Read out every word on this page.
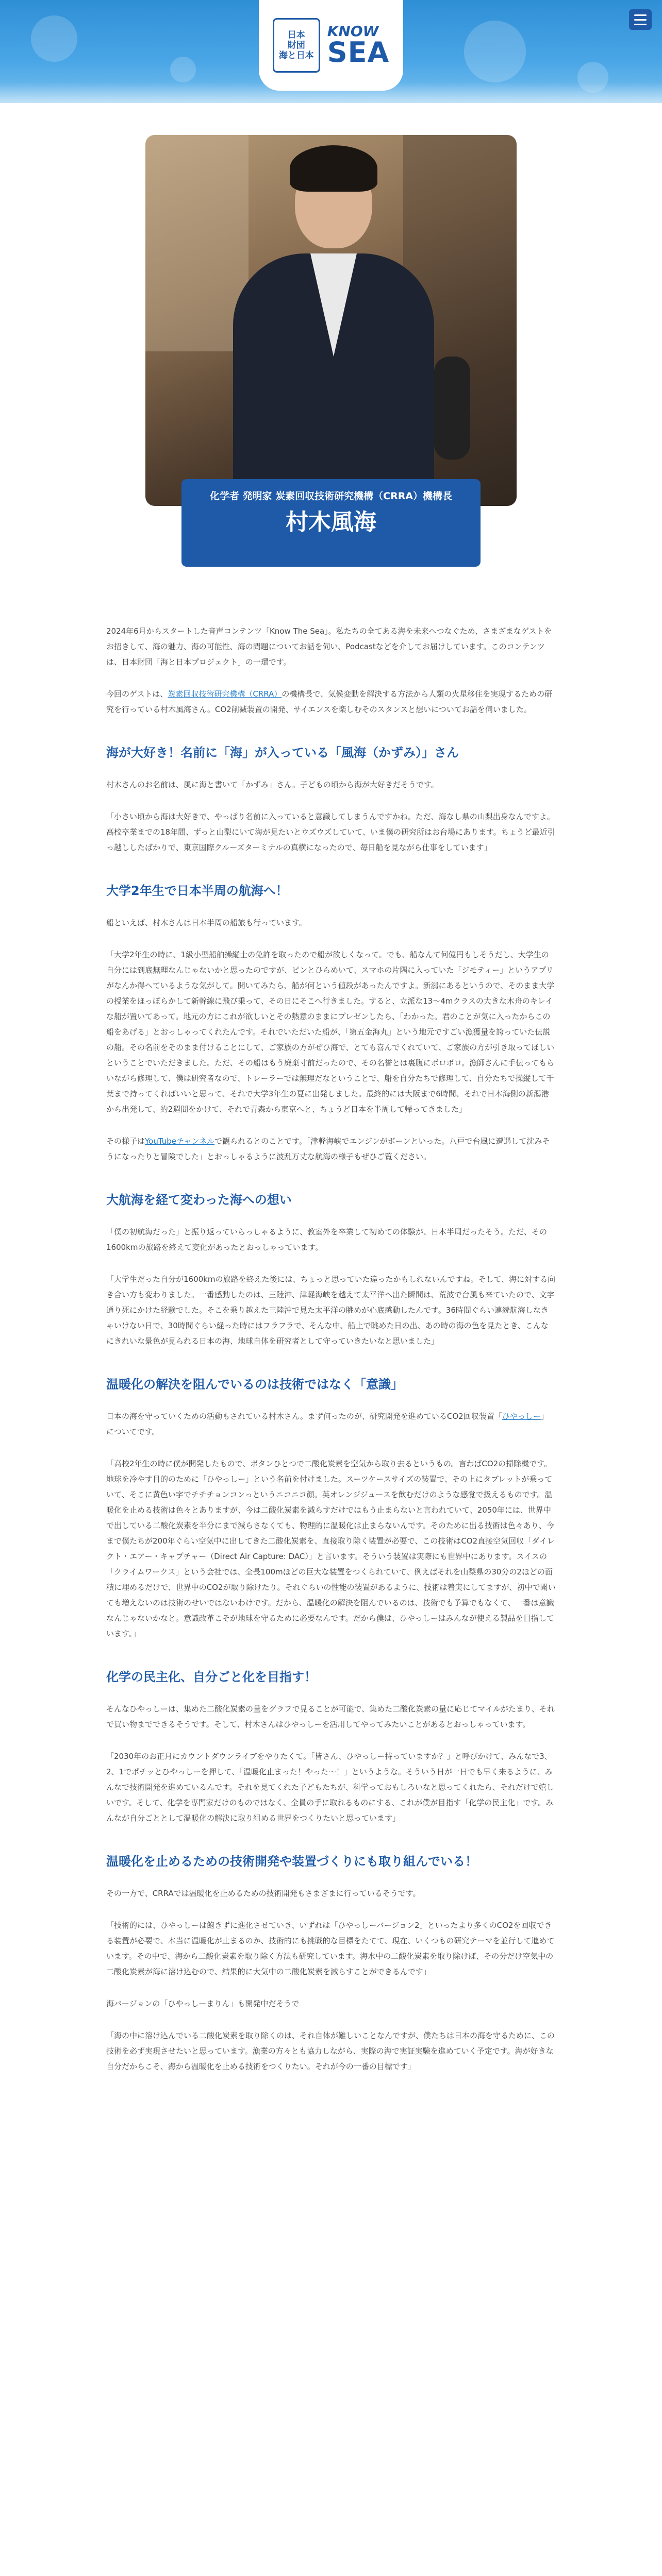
日本
財団
海と日本
KNOW
SEA
化学者 発明家 炭素回収技術研究機構（CRRA）機構長
村木風海

2024年6月からスタートした音声コンテンツ「Know The Sea」。私たちの全てある海を未来へつなぐため、さまざまなゲストをお招きして、海の魅力、海の可能性、海の問題についてお話を伺い、Podcastなどを介してお届けしています。このコンテンツは、日本財団「海と日本プロジェクト」の一環です。

今回のゲストは、炭素回収技術研究機構（CRRA）の機構長で、気候変動を解決する方法から人類の火星移住を実現するための研究を行っている村木風海さん。CO2削減装置の開発、サイエンスを楽しむそのスタンスと想いについてお話を伺いました。

海が大好き！名前に「海」が入っている「風海（かずみ）」さん

村木さんのお名前は、風に海と書いて「かずみ」さん。子どもの頃から海が大好きだそうです。

「小さい頃から海は大好きで、やっぱり名前に入っていると意識してしまうんですかね。ただ、海なし県の山梨出身なんですよ。高校卒業までの18年間、ずっと山梨にいて海が見たいとウズウズしていて、いま僕の研究所はお台場にあります。ちょうど最近引っ越ししたばかりで、東京国際クルーズターミナルの真横になったので、毎日船を見ながら仕事をしています」

大学2年生で日本半周の航海へ！

船といえば、村木さんは日本半周の船旅も行っています。

「大学2年生の時に、1級小型船舶操縦士の免許を取ったので船が欲しくなって。でも、船なんて何億円もしそうだし、大学生の自分には到底無理なんじゃないかと思ったのですが、ピンとひらめいて、スマホの片隅に入っていた「ジモティー」というアプリがなんか得へているような気がして。開いてみたら、船が何という値段があったんですよ。新潟にあるというので、そのまま大学の授業をほっぽらかして新幹線に飛び乗って、その日にそこへ行きました。すると、立派な13〜4mクラスの大きな木舟のキレイな船が置いてあって。地元の方にこれが欲しいとその熱意のままにプレゼンしたら、「わかった。君のことが気に入ったからこの船をあげる」とおっしゃってくれたんです。それでいただいた船が、「第五金海丸」という地元ですごい漁獲量を誇っていた伝説の船。その名前をそのまま付けることにして、ご家族の方がぜひ海で、とても喜んでくれていて、ご家族の方が引き取ってほしいということでいただきました。ただ、その船はもう廃棄寸前だったので、その名誉とは裏腹にボロボロ。漁師さんに手伝ってもらいながら修理して、僕は研究者なので、トレーラーでは無理だなということで、船を自分たちで修理して、自分たちで操縦して千葉まで持ってくればいいと思って、それで大学3年生の夏に出発しました。最終的には大阪まで6時間、それで日本海側の新潟港から出発して、約2週間をかけて、それで青森から東京へと、ちょうど日本を半周して帰ってきました」

その様子はYouTubeチャンネルで観られるとのことです。「津軽海峡でエンジンがボーンといった。八戸で台風に遭遇して沈みそうになったりと冒険でした」とおっしゃるように波乱万丈な航海の様子もぜひご覧ください。

大航海を経て変わった海への想い

「僕の初航海だった」と振り返っていらっしゃるように、教室外を卒業して初めての体験が、日本半周だったそう。ただ、その1600kmの旅路を終えて変化があったとおっしゃっています。

「大学生だった自分が1600kmの旅路を終えた後には、ちょっと思っていた違ったかもしれないんですね。そして、海に対する向き合い方も変わりました。一番感動したのは、三陸沖、津軽海峡を越えて太平洋へ出た瞬間は、荒波で台風も来ていたので、文字通り死にかけた経験でした。そこを乗り越えた三陸沖で見た太平洋の眺めが心底感動したんです。36時間ぐらい連続航海しなきゃいけない日で、30時間ぐらい経った時にはフラフラで、そんな中、船上で眺めた日の出、あの時の海の色を見たとき、こんなにきれいな景色が見られる日本の海、地球自体を研究者として守っていきたいなと思いました」

温暖化の解決を阻んでいるのは技術ではなく「意識」

日本の海を守っていくための活動もされている村木さん。まず何ったのが、研究開発を進めているCO2回収装置「ひやっしー」についてです。

「高校2年生の時に僕が開発したもので、ボタンひとつで二酸化炭素を空気から取り去るというもの。言わばCO2の掃除機です。地球を冷やす目的のために「ひやっしー」という名前を付けました。スーツケースサイズの装置で、その上にタブレットが乗っていて、そこに黄色い字でチチチョンコンっというニコニコ顔。英オレンジジュースを飲むだけのような感覚で扱えるものです。温暖化を止める技術は色々とありますが、今は二酸化炭素を減らすだけではもう止まらないと言われていて、2050年には、世界中で出している二酸化炭素を半分にまで減らさなくても、物理的に温暖化は止まらないんです。そのために出る技術は色々あり、今まで僕たちが200年ぐらい空気中に出してきた二酸化炭素を、直接取り除く装置が必要で、この技術はCO2直接空気回収「ダイレクト・エアー・キャプチャー（Direct Air Capture: DAC）」と言います。そういう装置は実際にも世界中にあります。スイスの「クライムワークス」という会社では、全長100mほどの巨大な装置をつくられていて、例えばそれを山梨県の30分の2ほどの面積に埋めるだけで、世界中のCO2が取り除けたり。それぐらいの性能の装置があるように、技術は着実にしてますが、初中で聞いても増えないのは技術のせいではないわけです。だから、温暖化の解決を阻んでいるのは、技術でも予算でもなくて、一番は意識なんじゃないかなと。意識改革こそが地球を守るために必要なんです。だから僕は、ひやっしーはみんなが使える製品を目指しています。」

化学の民主化、自分ごと化を目指す！

そんなひやっしーは、集めた二酸化炭素の量をグラフで見ることが可能で、集めた二酸化炭素の量に応じてマイルがたまり、それで買い物までできるそうです。そして、村木さんはひやっしーを活用してやってみたいことがあるとおっしゃっています。

「2030年のお正月にカウントダウンライブをやりたくて。「皆さん、ひやっしー持っていますか？」と呼びかけて、みんなで3、2、1でポチッとひやっしーを押して、「温暖化止まった！やった〜！」というような。そういう日が一日でも早く来るように、みんなで技術開発を進めているんです。それを見てくれた子どもたちが、科学っておもしろいなと思ってくれたら、それだけで嬉しいです。そして、化学を専門家だけのものではなく、全員の手に取れるものにする、これが僕が目指す「化学の民主化」です。みんなが自分ごととして温暖化の解決に取り組める世界をつくりたいと思っています」

温暖化を止めるための技術開発や装置づくりにも取り組んでいる！

その一方で、CRRAでは温暖化を止めるための技術開発もさまざまに行っているそうです。

「技術的には、ひやっしーは飽きずに進化させていき、いずれは「ひやっしーバージョン2」といったより多くのCO2を回収できる装置が必要で、本当に温暖化が止まるのか、技術的にも挑戦的な目標をたてて、現在、いくつもの研究テーマを並行して進めています。その中で、海から二酸化炭素を取り除く方法も研究しています。海水中の二酸化炭素を取り除けば、その分だけ空気中の二酸化炭素が海に溶け込むので、結果的に大気中の二酸化炭素を減らすことができるんです」

海バージョンの「ひやっしーまりん」も開発中だそうで

「海の中に溶け込んでいる二酸化炭素を取り除くのは、それ自体が難しいことなんですが、僕たちは日本の海を守るために、この技術を必ず実現させたいと思っています。漁業の方々とも協力しながら、実際の海で実証実験を進めていく予定です。海が好きな自分だからこそ、海から温暖化を止める技術をつくりたい。それが今の一番の目標です」
